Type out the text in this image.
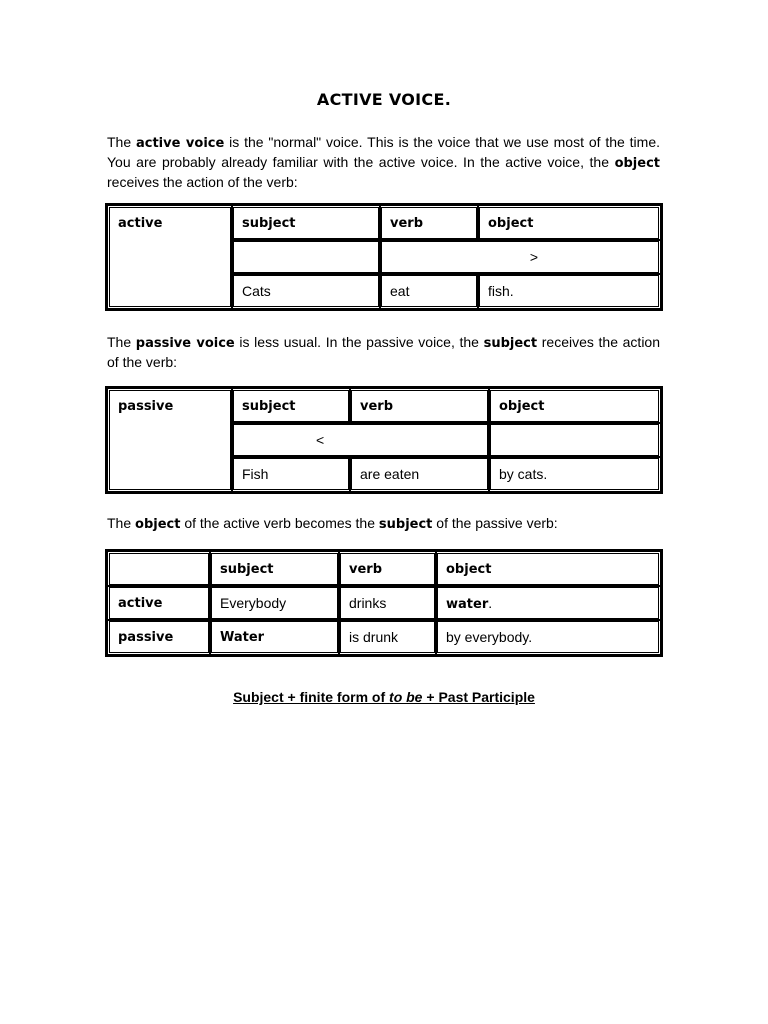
ACTIVE VOICE.
The active voice is the "normal" voice. This is the voice that we use most of the time. You are probably already familiar with the active voice. In the active voice, the object receives the action of the verb:
active	subject	verb	object
		>	
	Cats	eat	fish.
The passive voice is less usual. In the passive voice, the subject receives the action of the verb:
passive	subject	verb	object
	<		
	Fish	are eaten	by cats.
The object of the active verb becomes the subject of the passive verb:
	subject	verb	object
active	Everybody	drinks	water.
passive	Water	is drunk	by everybody.
Subject + finite form of to be + Past Participle
